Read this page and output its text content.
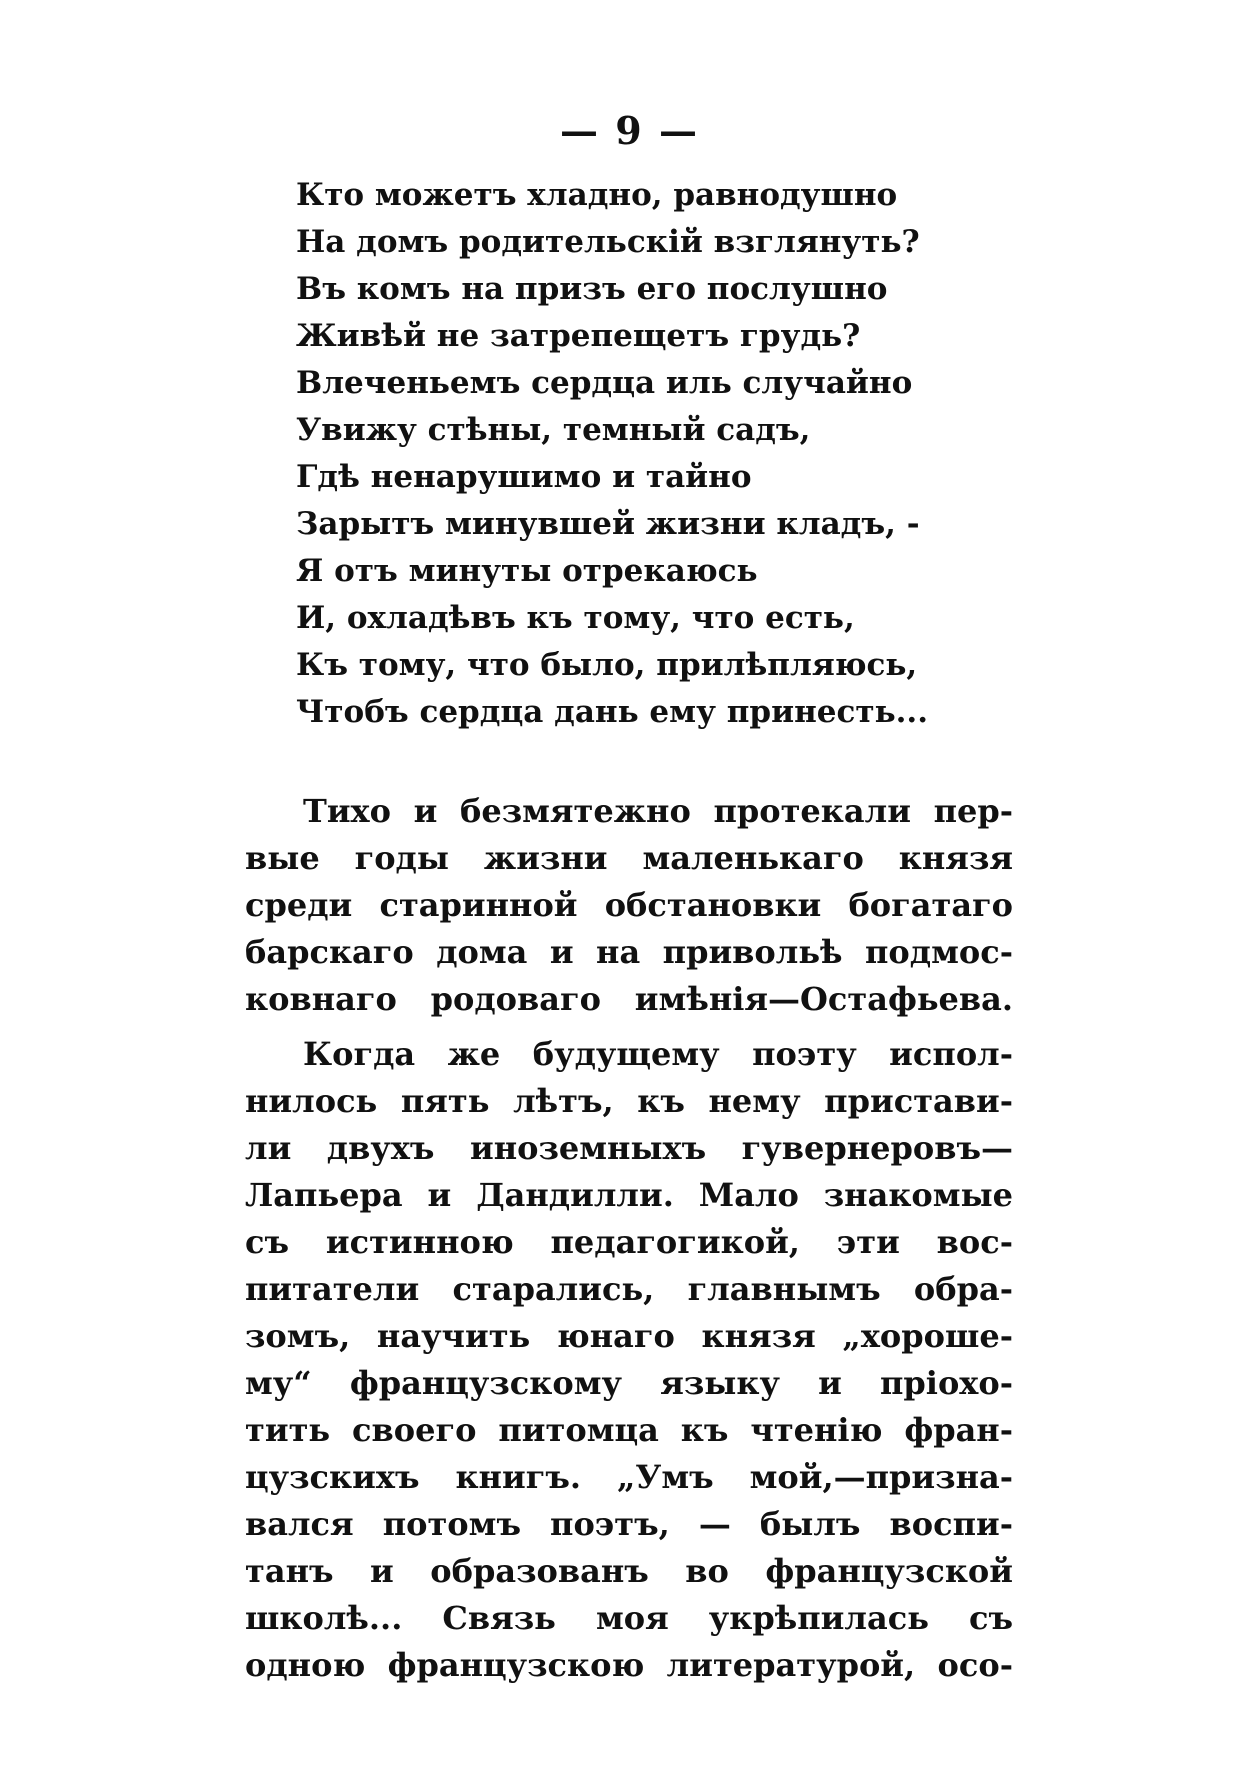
— 9 —
Кто можетъ хладно, равнодушно
На домъ родительскій взглянуть?
Въ комъ на призъ его послушно
Живѣй не затрепещетъ грудь?
Влеченьемъ сердца иль случайно
Увижу стѣны, темный садъ,
Гдѣ ненарушимо и тайно
Зарытъ минувшей жизни кладъ, -
Я отъ минуты отрекаюсь
И, охладѣвъ къ тому, что есть,
Къ тому, что было, прилѣпляюсь,
Чтобъ сердца дань ему принесть...
Тихо и безмятежно протекали пер-
вые годы жизни маленькаго князя
среди старинной обстановки богатаго
барскаго дома и на привольѣ подмос-
ковнаго родоваго имѣнія—Остафьева.
Когда же будущему поэту испол-
нилось пять лѣтъ, къ нему пристави-
ли двухъ иноземныхъ гувернеровъ—
Лапьера и Дандилли. Мало знакомые
съ истинною педагогикой, эти вос-
питатели старались, главнымъ обра-
зомъ, научить юнаго князя „хороше-
му“ французскому языку и пріохо-
тить своего питомца къ чтенію фран-
цузскихъ книгъ. „Умъ мой,—призна-
вался потомъ поэтъ, — былъ воспи-
танъ и образованъ во французской
школѣ... Связь моя укрѣпилась съ
одною французскою литературой, осо-
